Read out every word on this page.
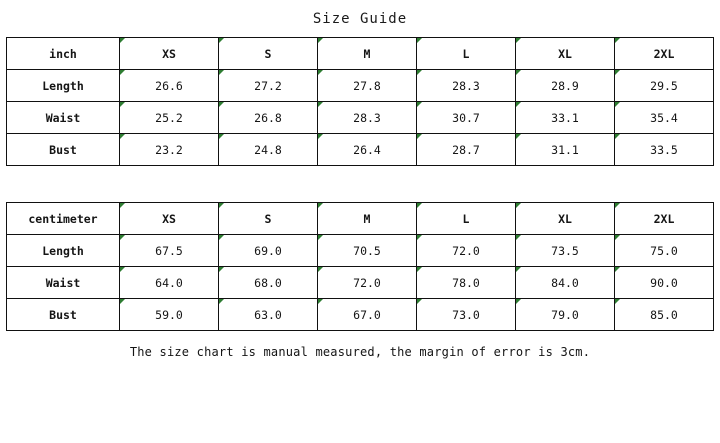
Size Guide
inch	XS	S	M	L	XL	2XL
Length	26.6	27.2	27.8	28.3	28.9	29.5
Waist	25.2	26.8	28.3	30.7	33.1	35.4
Bust	23.2	24.8	26.4	28.7	31.1	33.5
centimeter	XS	S	M	L	XL	2XL
Length	67.5	69.0	70.5	72.0	73.5	75.0
Waist	64.0	68.0	72.0	78.0	84.0	90.0
Bust	59.0	63.0	67.0	73.0	79.0	85.0
The size chart is manual measured, the margin of error is 3cm.
